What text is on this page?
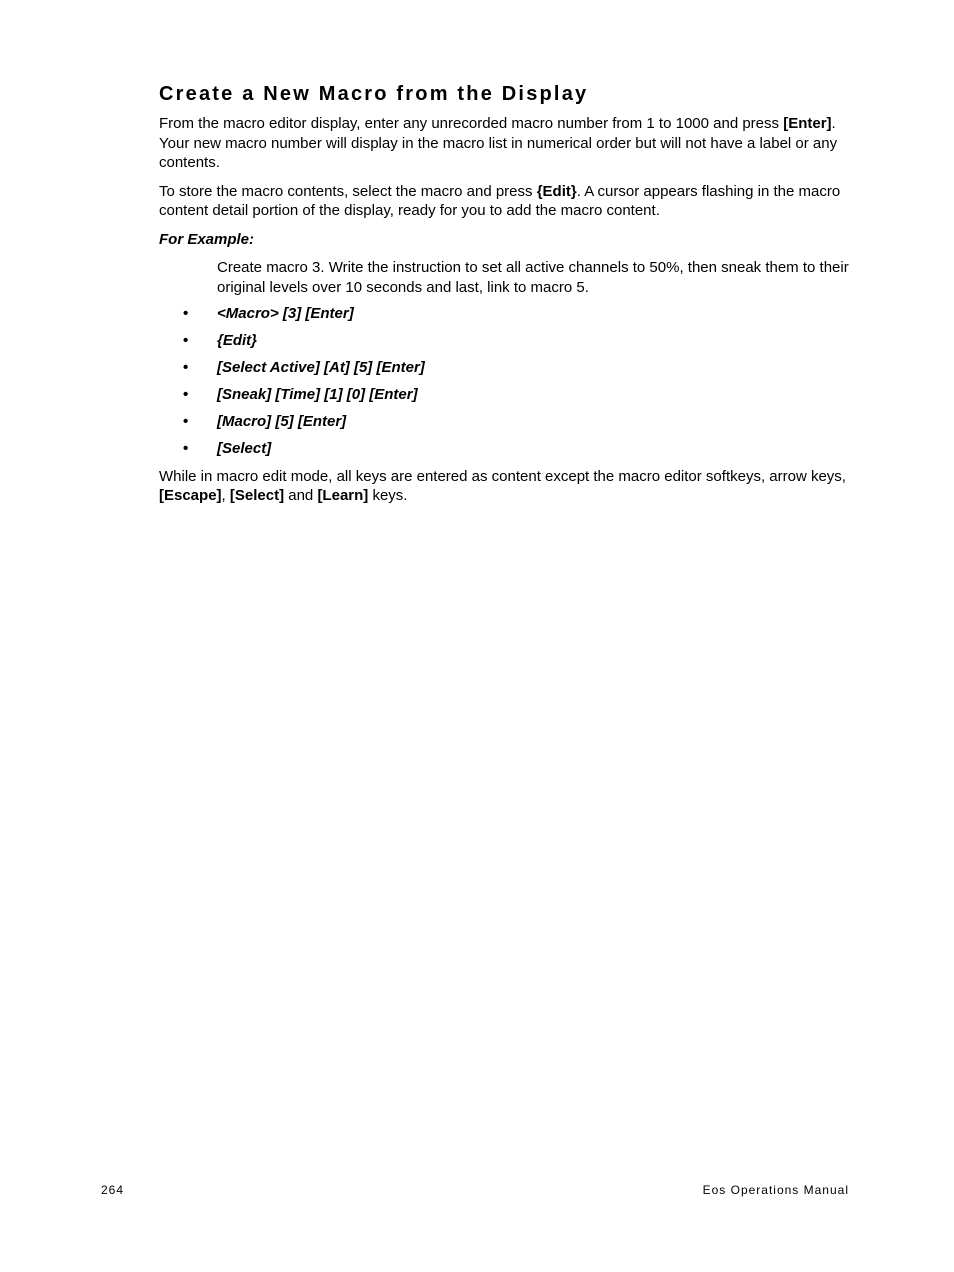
Create a New Macro from the Display

From the macro editor display, enter any unrecorded macro number from 1 to 1000 and press [Enter]. Your new macro number will display in the macro list in numerical order but will not have a label or any contents.

To store the macro contents, select the macro and press {Edit}. A cursor appears flashing in the macro content detail portion of the display, ready for you to add the macro content.

For Example:

Create macro 3. Write the instruction to set all active channels to 50%, then sneak them to their original levels over 10 seconds and last, link to macro 5.

• <Macro> [3] [Enter]
• {Edit}
• [Select Active] [At] [5] [Enter]
• [Sneak] [Time] [1] [0] [Enter]
• [Macro] [5] [Enter]
• [Select]

While in macro edit mode, all keys are entered as content except the macro editor softkeys, arrow keys, [Escape], [Select] and [Learn] keys.

264	Eos Operations Manual
